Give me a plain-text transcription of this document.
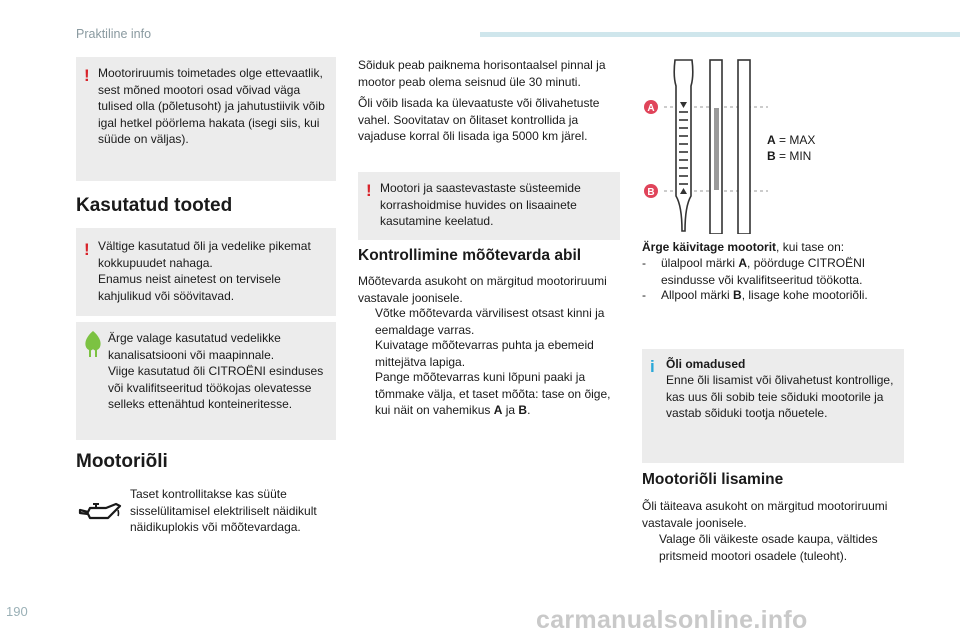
Praktiline info
! Mootoriruumis toimetades olge ettevaatlik, sest mõned mootori osad võivad väga tulised olla (põletusoht) ja jahutustiivik võib igal hetkel pöörlema hakata (isegi siis, kui süüde on väljas).

Kasutatud tooted
! Vältige kasutatud õli ja vedelike pikemat kokkupuudet nahaga.

Enamus neist ainetest on tervisele kahjulikud või söövitavad.

Ärge valage kasutatud vedelikke kanalisatsiooni või maapinnale.

Viige kasutatud õli CITROËNI esinduses või kvalifitseeritud töökojas olevatesse selleks ettenähtud konteineritesse.

Mootoriõli

Taset kontrollitakse kas süüte sisselülitamisel elektriliselt näidikult näidikuplokis või mõõtevardaga.

Sõiduk peab paiknema horisontaalsel pinnal ja mootor peab olema seisnud üle 30 minuti.

Õli võib lisada ka ülevaatuste või õlivahetuste vahel. Soovitatav on õlitaset kontrollida ja vajaduse korral õli lisada iga 5000 km järel.

! Mootori ja saastevastaste süsteemide korrashoidmise huvides on lisaainete kasutamine keelatud.

Kontrollimine mõõtevarda abil

Mõõtevarda asukoht on märgitud mootoriruumi vastavale joonisele.

Võtke mõõtevarda värvilisest otsast kinni ja eemaldage varras.
Kuivatage mõõtevarras puhta ja ebemeid mittejätva lapiga.
Pange mõõtevarras kuni lõpuni paaki ja tõmmake välja, et taset mõõta: tase on õige, kui näit on vahemikus A ja B.
A
B
A = MAX
B = MIN

Ärge käivitage mootorit, kui tase on:

-	ülalpool märki A, pöörduge CITROËNI esindusse või kvalifitseeritud töökotta.
-	Allpool märki B, lisage kohe mootoriõli.
i Õli omadused

Enne õli lisamist või õlivahetust kontrollige, kas uus õli sobib teie sõiduki mootorile ja vastab sõiduki tootja nõuetele.

Mootoriõli lisamine

Õli täiteava asukoht on märgitud mootoriruumi vastavale joonisele.

Valage õli väikeste osade kaupa, vältides pritsmeid mootori osadele (tuleoht).
190	carmanualsonline.info
